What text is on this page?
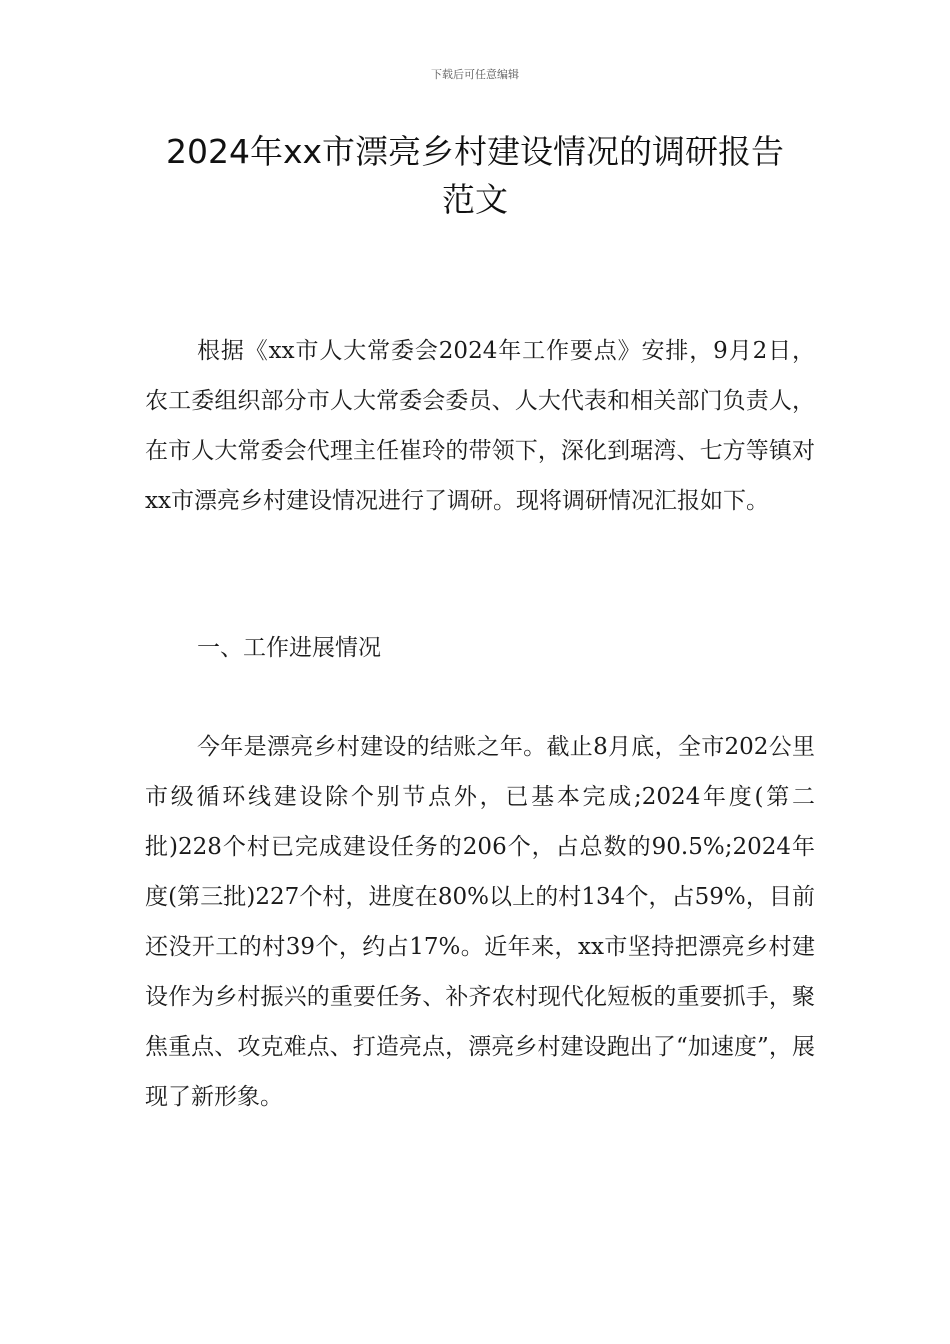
下载后可任意编辑
2024年xx市漂亮乡村建设情况的调研报告
范文

根据《xx市人大常委会2024年工作要点》安排，9月2日，农工委组织部分市人大常委会委员、人大代表和相关部门负责人，在市人大常委会代理主任崔玲的带领下，深化到琚湾、七方等镇对xx市漂亮乡村建设情况进行了调研。现将调研情况汇报如下。

一、工作进展情况

今年是漂亮乡村建设的结账之年。截止8月底，全市202公里市级循环线建设除个别节点外，已基本完成;2024年度(第二批)228个村已完成建设任务的206个，占总数的90.5%;2024年度(第三批)227个村，进度在80%以上的村134个，占59%，目前还没开工的村39个，约占17%。近年来，xx市坚持把漂亮乡村建设作为乡村振兴的重要任务、补齐农村现代化短板的重要抓手，聚焦重点、攻克难点、打造亮点，漂亮乡村建设跑出了“加速度”，展现了新形象。
